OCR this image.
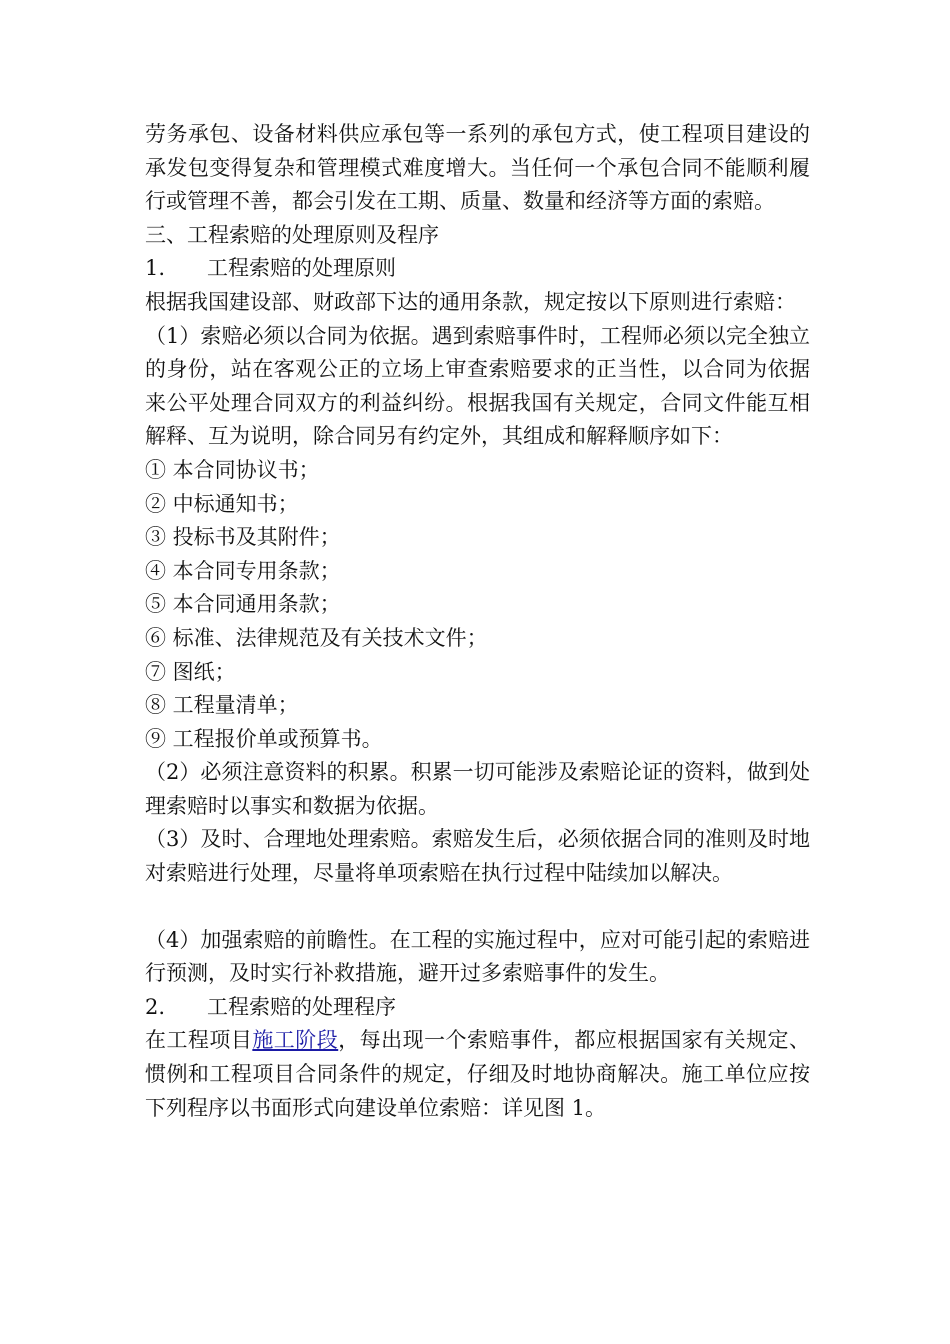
劳务承包、设备材料供应承包等一系列的承包方式，使工程项目建设的承发包变得复杂和管理模式难度增大。当任何一个承包合同不能顺利履行或管理不善，都会引发在工期、质量、数量和经济等方面的索赔。

三、工程索赔的处理原则及程序

1.　　工程索赔的处理原则

根据我国建设部、财政部下达的通用条款，规定按以下原则进行索赔：

（1）索赔必须以合同为依据。遇到索赔事件时，工程师必须以完全独立的身份，站在客观公正的立场上审查索赔要求的正当性，以合同为依据来公平处理合同双方的利益纠纷。根据我国有关规定，合同文件能互相解释、互为说明，除合同另有约定外，其组成和解释顺序如下：

① 本合同协议书；

② 中标通知书；

③ 投标书及其附件；

④ 本合同专用条款；

⑤ 本合同通用条款；

⑥ 标准、法律规范及有关技术文件；

⑦ 图纸；

⑧ 工程量清单；

⑨ 工程报价单或预算书。

（2）必须注意资料的积累。积累一切可能涉及索赔论证的资料，做到处理索赔时以事实和数据为依据。

（3）及时、合理地处理索赔。索赔发生后，必须依据合同的准则及时地对索赔进行处理，尽量将单项索赔在执行过程中陆续加以解决。

（4）加强索赔的前瞻性。在工程的实施过程中，应对可能引起的索赔进行预测，及时实行补救措施，避开过多索赔事件的发生。

2.　　工程索赔的处理程序

在工程项目施工阶段，每出现一个索赔事件，都应根据国家有关规定、惯例和工程项目合同条件的规定，仔细及时地协商解决。施工单位应按下列程序以书面形式向建设单位索赔：详见图 1。
